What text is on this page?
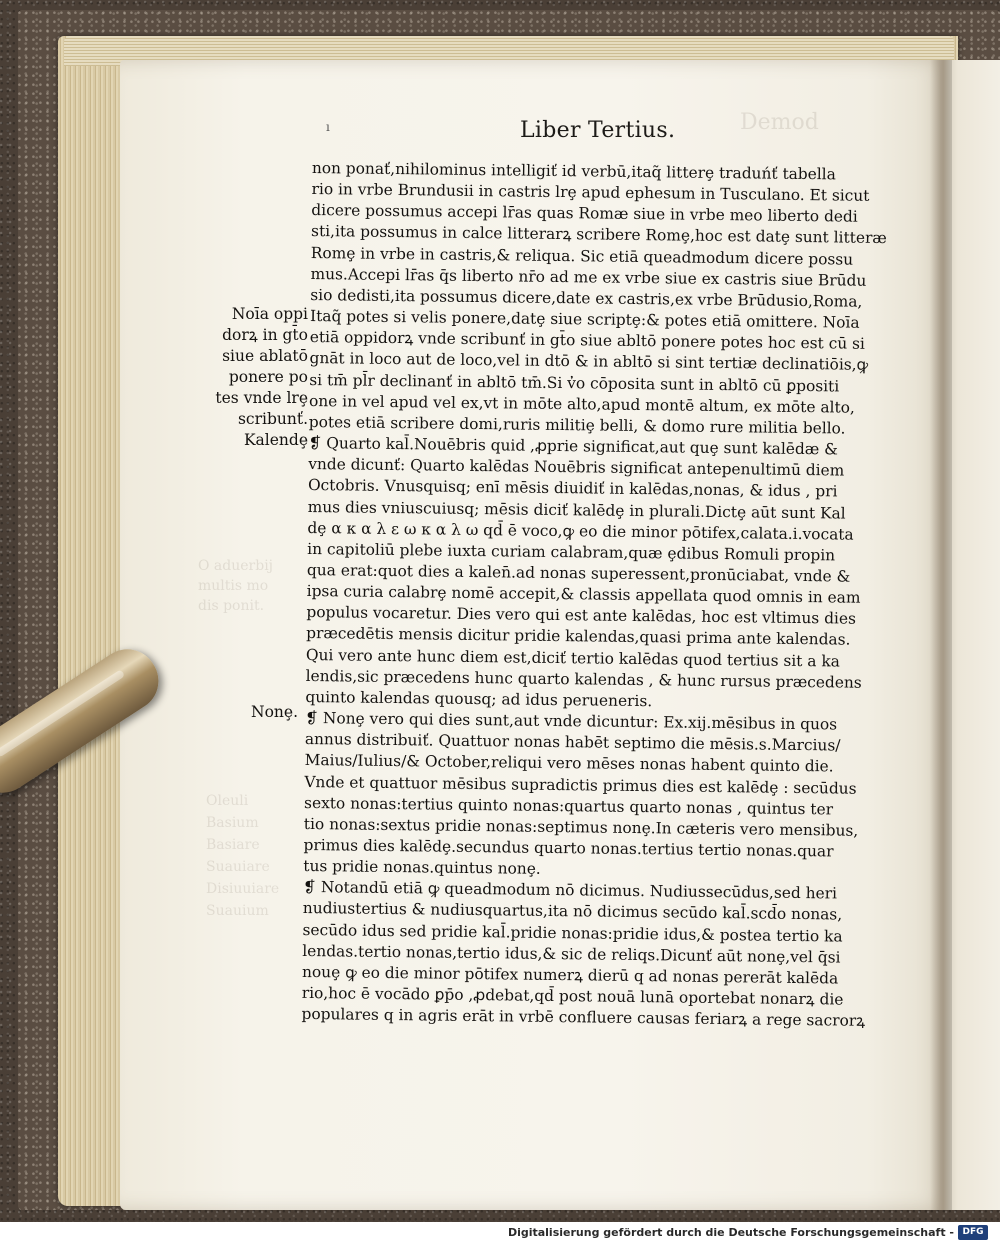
Demod
O aduerbij
multis mo
dis ponit.
Oleuli
Basium
Basiare
Suauiare
Disiuuiare
Suauium
ı	Liber Tertius.
non ponať,nihilominus intelligiť id verbū,itaq̃ litterȩ traduńť tabella
rio in vrbe Brundusii in castris lrȩ apud ephesum in Tusculano. Et sicut
dicere possumus accepi lr̄as quas Romæ siue in vrbe meo liberto dedi
sti,ita possumus in calce litterarꝝ scribere Romȩ,hoc est datȩ sunt litteræ
Romȩ in vrbe in castris,& reliqua. Sic etiā queadmodum dicere possu
mus.Accepi lr̄as q̄s liberto nr̄o ad me ex vrbe siue ex castris siue Brūdu
sio dedisti,ita possumus dicere,date ex castris,ex vrbe Brūdusio,Roma,
Itaq̃ potes si velis ponere,datȩ siue scriptȩ:& potes etiā omittere. Noīa
etiā oppidorꝝ vnde scribunť in gt̄o siue abltō ponere potes hoc est cū si
gnāt in loco aut de loco,vel in dtō & in abltō si sint tertiæ declinatiōis,ꝙ
si tm̄ pl̄r declinanť in abltō tm̄.Si v̓o cōposita sunt in abltō cū ꝑpositi
one in vel apud vel ex,vt in mōte alto,apud montē altum, ex mōte alto,
potes etiā scribere domi,ruris militiȩ belli, & domo rure militia bello.
❡ Quarto kal̄.Nouēbris quid ,ꝓprie significat,aut quȩ sunt kalēdæ &
vnde dicunť: Quarto kalēdas Nouēbris significat antepenultimū diem
Octobris. Vnusquisq; enī mēsis diuidiť in kalēdas,nonas, & idus , pri
mus dies vniuscuiusq; mēsis diciť kalēdȩ in plurali.Dictȩ aūt sunt Kal
dȩ α κ α λ ε ω κ α λ ω qd̄ ē voco,ꝙ eo die minor pōtifex,calata.i.vocata
in capitoliū plebe iuxta curiam calabram,quæ ȩdibus Romuli propin
qua erat:quot dies a kalen̄.ad nonas superessent,pronūciabat, vnde &
ipsa curia calabrȩ nomē accepit,& classis appellata quod omnis in eam
populus vocaretur. Dies vero qui est ante kalēdas, hoc est vltimus dies
præcedētis mensis dicitur pridie kalendas,quasi prima ante kalendas.
Qui vero ante hunc diem est,diciť tertio kalēdas quod tertius sit a ka
lendis,sic præcedens hunc quarto kalendas , & hunc rursus præcedens
quinto kalendas quousq; ad idus perueneris.
❡ Nonȩ vero qui dies sunt,aut vnde dicuntur: Ex.xij.mēsibus in quos
annus distribuiť. Quattuor nonas habēt septimo die mēsis.s.Marcius/
Maius/Iulius/& October,reliqui vero mēses nonas habent quinto die.
Vnde et quattuor mēsibus supradictis primus dies est kalēdȩ : secūdus
sexto nonas:tertius quinto nonas:quartus quarto nonas , quintus ter
tio nonas:sextus pridie nonas:septimus nonȩ.In cæteris vero mensibus,
primus dies kalēdȩ.secundus quarto nonas.tertius tertio nonas.quar
tus pridie nonas.quintus nonȩ.
❡ Notandū etiā ꝙ queadmodum nō dicimus. Nudiussecūdus,sed heri
nudiustertius & nudiusquartus,ita nō dicimus secūdo kal̄.scd̄o nonas,
secūdo idus sed pridie kal̄.pridie nonas:pridie idus,& postea tertio ka
lendas.tertio nonas,tertio idus,& sic de reliqs.Dicunť aūt nonȩ,vel q̄si
nouȩ ꝙ eo die minor pōtifex numerꝝ dierū q ad nonas pererāt kalēda
rio,hoc ē vocādo ꝑp̄o ,ꝓdebat,qd̄ post nouā lunā oportebat nonarꝝ die
populares q in agris erāt in vrbē confluere causas feriarꝝ a rege sacrorꝝ
Noīa oppi
dorꝝ in gt̄o
siue ablatō
ponere po
tes vnde lrȩ
scribunť.
Kalendȩ
Nonȩ.
Digitalisierung gefördert durch die Deutsche Forschungsgemeinschaft - DFG
